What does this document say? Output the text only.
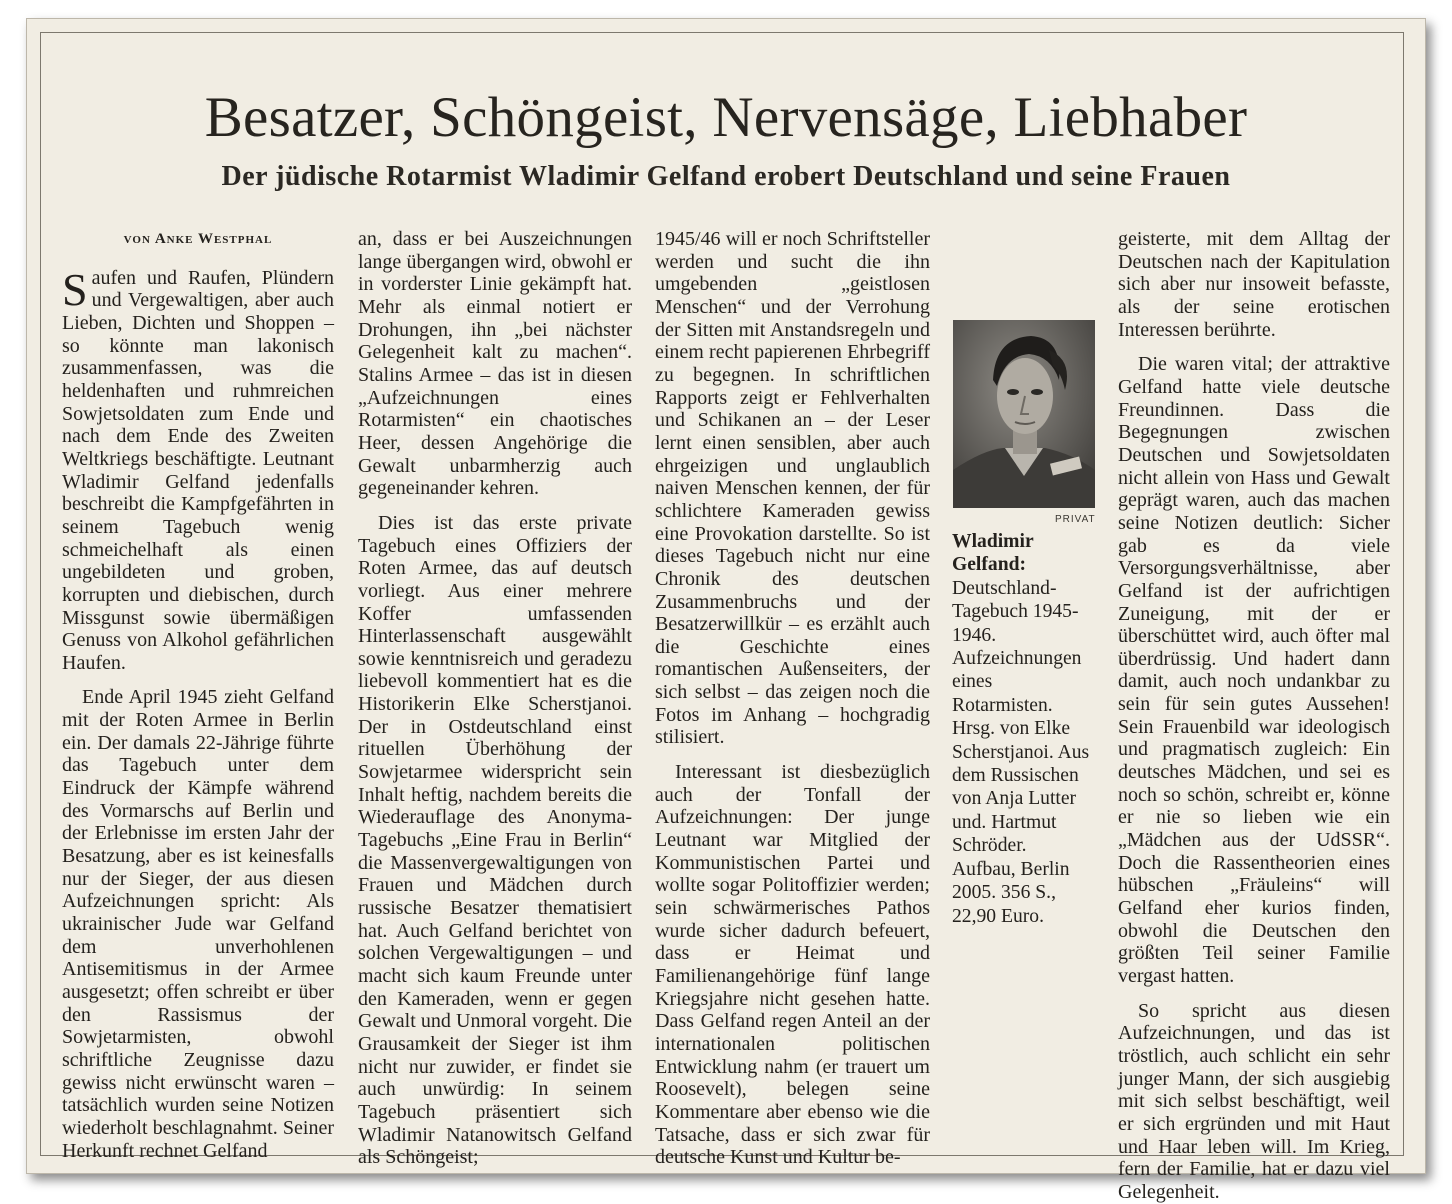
Besatzer, Schöngeist, Nervensäge, Liebhaber
Der jüdische Rotarmist Wladimir Gelfand erobert Deutschland und seine Frauen
von Anke Westphal

Saufen und Raufen, Plündern und Vergewaltigen, aber auch Lieben, Dichten und Shoppen – so könnte man lakonisch zusammenfassen, was die heldenhaften und ruhmreichen Sowjetsoldaten zum Ende und nach dem Ende des Zweiten Weltkriegs beschäftigte. Leutnant Wladimir Gelfand jedenfalls beschreibt die Kampfgefährten in seinem Tagebuch wenig schmeichelhaft als einen ungebildeten und groben, korrupten und diebischen, durch Missgunst sowie übermäßigen Genuss von Alkohol gefährlichen Haufen.

Ende April 1945 zieht Gelfand mit der Roten Armee in Berlin ein. Der damals 22-Jährige führte das Tagebuch unter dem Eindruck der Kämpfe während des Vormarschs auf Berlin und der Erlebnisse im ersten Jahr der Besatzung, aber es ist keinesfalls nur der Sieger, der aus diesen Aufzeichnungen spricht: Als ukrainischer Jude war Gelfand dem unverhohlenen Antisemitismus in der Armee ausgesetzt; offen schreibt er über den Rassismus der Sowjetarmisten, obwohl schriftliche Zeugnisse dazu gewiss nicht erwünscht waren – tatsächlich wurden seine Notizen wiederholt beschlagnahmt. Seiner Herkunft rechnet Gelfand

an, dass er bei Auszeichnungen lange übergangen wird, obwohl er in vorderster Linie gekämpft hat. Mehr als einmal notiert er Drohungen, ihn „bei nächster Gelegenheit kalt zu machen“. Stalins Armee – das ist in diesen „Aufzeichnungen eines Rotarmisten“ ein chaotisches Heer, dessen Angehörige die Gewalt unbarmherzig auch gegeneinander kehren.

Dies ist das erste private Tagebuch eines Offiziers der Roten Armee, das auf deutsch vorliegt. Aus einer mehrere Koffer umfassenden Hinterlassenschaft ausgewählt sowie kenntnisreich und geradezu liebevoll kommentiert hat es die Historikerin Elke Scherstjanoi. Der in Ostdeutschland einst rituellen Überhöhung der Sowjetarmee widerspricht sein Inhalt heftig, nachdem bereits die Wiederauflage des Anonyma-Tagebuchs „Eine Frau in Berlin“ die Massenvergewaltigungen von Frauen und Mädchen durch russische Besatzer thematisiert hat. Auch Gelfand berichtet von solchen Vergewaltigungen – und macht sich kaum Freunde unter den Kameraden, wenn er gegen Gewalt und Unmoral vorgeht. Die Grausamkeit der Sieger ist ihm nicht nur zuwider, er findet sie auch unwürdig: In seinem Tagebuch präsentiert sich Wladimir Natanowitsch Gelfand als Schöngeist;

1945/46 will er noch Schriftsteller werden und sucht die ihn umgebenden „geistlosen Menschen“ und der Verrohung der Sitten mit Anstandsregeln und einem recht papierenen Ehrbegriff zu begegnen. In schriftlichen Rapports zeigt er Fehlverhalten und Schikanen an – der Leser lernt einen sensiblen, aber auch ehrgeizigen und unglaublich naiven Menschen kennen, der für schlichtere Kameraden gewiss eine Provokation darstellte. So ist dieses Tagebuch nicht nur eine Chronik des deutschen Zusammenbruchs und der Besatzerwillkür – es erzählt auch die Geschichte eines romantischen Außenseiters, der sich selbst – das zeigen noch die Fotos im Anhang – hochgradig stilisiert.

Interessant ist diesbezüglich auch der Tonfall der Aufzeichnungen: Der junge Leutnant war Mitglied der Kommunistischen Partei und wollte sogar Politoffizier werden; sein schwärmerisches Pathos wurde sicher dadurch befeuert, dass er Heimat und Familienangehörige fünf lange Kriegsjahre nicht gesehen hatte. Dass Gelfand regen Anteil an der internationalen politischen Entwicklung nahm (er trauert um Roosevelt), belegen seine Kommentare aber ebenso wie die Tatsache, dass er sich zwar für deutsche Kunst und Kultur be-

PRIVAT

Wladimir Gelfand:
Deutschland-Tagebuch 1945-1946. Aufzeichnungen eines Rotarmisten. Hrsg. von Elke Scherstjanoi. Aus dem Russischen von Anja Lutter und. Hartmut Schröder. Aufbau, Berlin 2005. 356 S., 22,90 Euro.

geisterte, mit dem Alltag der Deutschen nach der Kapitulation sich aber nur insoweit befasste, als der seine erotischen Interessen berührte.

Die waren vital; der attraktive Gelfand hatte viele deutsche Freundinnen. Dass die Begegnungen zwischen Deutschen und Sowjetsoldaten nicht allein von Hass und Gewalt geprägt waren, auch das machen seine Notizen deutlich: Sicher gab es da viele Versorgungsverhältnisse, aber Gelfand ist der aufrichtigen Zuneigung, mit der er überschüttet wird, auch öfter mal überdrüssig. Und hadert dann damit, auch noch undankbar zu sein für sein gutes Aussehen! Sein Frauenbild war ideologisch und pragmatisch zugleich: Ein deutsches Mädchen, und sei es noch so schön, schreibt er, könne er nie so lieben wie ein „Mädchen aus der UdSSR“. Doch die Rassentheorien eines hübschen „Fräuleins“ will Gelfand eher kurios finden, obwohl die Deutschen den größten Teil seiner Familie vergast hatten.

So spricht aus diesen Aufzeichnungen, und das ist tröstlich, auch schlicht ein sehr junger Mann, der sich ausgiebig mit sich selbst beschäftigt, weil er sich ergründen und mit Haut und Haar leben will. Im Krieg, fern der Familie, hat er dazu viel Gelegenheit.
